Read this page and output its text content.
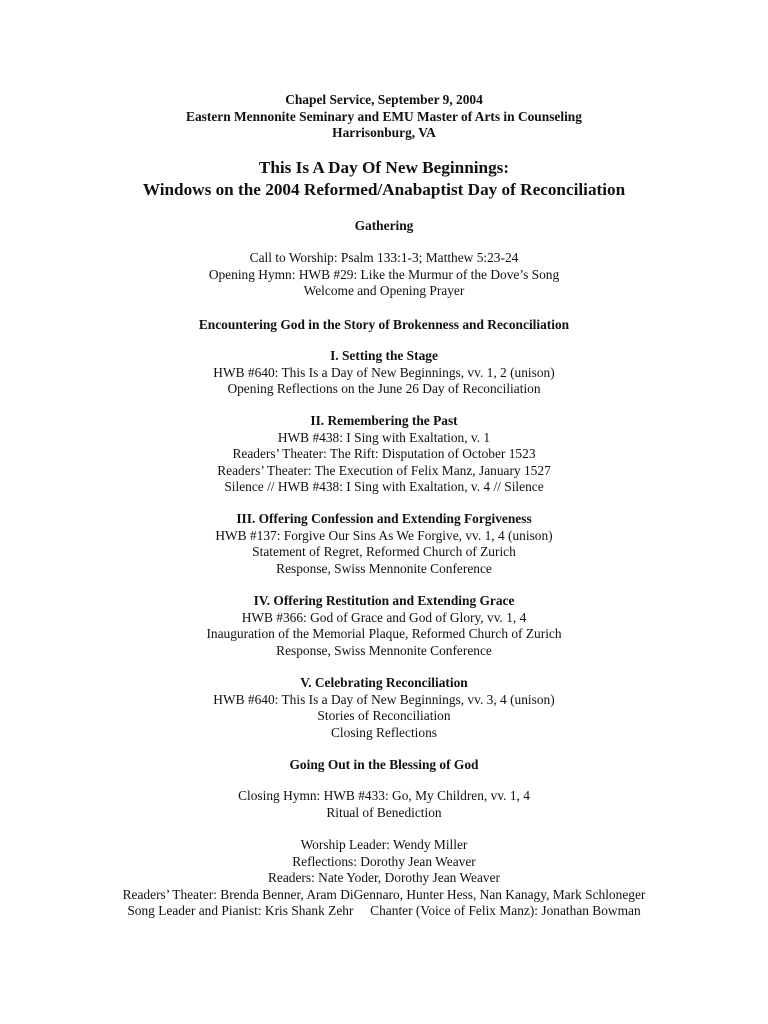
Chapel Service, September 9, 2004
Eastern Mennonite Seminary and EMU Master of Arts in Counseling
Harrisonburg, VA
This Is A Day Of New Beginnings:
Windows on the 2004 Reformed/Anabaptist Day of Reconciliation
Gathering
Call to Worship: Psalm 133:1-3; Matthew 5:23-24
Opening Hymn: HWB #29: Like the Murmur of the Dove’s Song
Welcome and Opening Prayer
Encountering God in the Story of Brokenness and Reconciliation
I. Setting the Stage
HWB #640: This Is a Day of New Beginnings, vv. 1, 2 (unison)
Opening Reflections on the June 26 Day of Reconciliation
II. Remembering the Past
HWB #438: I Sing with Exaltation, v. 1
Readers’ Theater: The Rift: Disputation of October 1523
Readers’ Theater: The Execution of Felix Manz, January 1527
Silence // HWB #438: I Sing with Exaltation, v. 4 // Silence
III. Offering Confession and Extending Forgiveness
HWB #137: Forgive Our Sins As We Forgive, vv. 1, 4 (unison)
Statement of Regret, Reformed Church of Zurich
Response, Swiss Mennonite Conference
IV. Offering Restitution and Extending Grace
HWB #366: God of Grace and God of Glory, vv. 1, 4
Inauguration of the Memorial Plaque, Reformed Church of Zurich
Response, Swiss Mennonite Conference
V. Celebrating Reconciliation
HWB #640: This Is a Day of New Beginnings, vv. 3, 4 (unison)
Stories of Reconciliation
Closing Reflections
Going Out in the Blessing of God
Closing Hymn: HWB #433: Go, My Children, vv. 1, 4
Ritual of Benediction
Worship Leader: Wendy Miller
Reflections: Dorothy Jean Weaver
Readers: Nate Yoder, Dorothy Jean Weaver
Readers’ Theater: Brenda Benner, Aram DiGennaro, Hunter Hess, Nan Kanagy, Mark Schloneger
Song Leader and Pianist: Kris Shank Zehr     Chanter (Voice of Felix Manz): Jonathan Bowman
